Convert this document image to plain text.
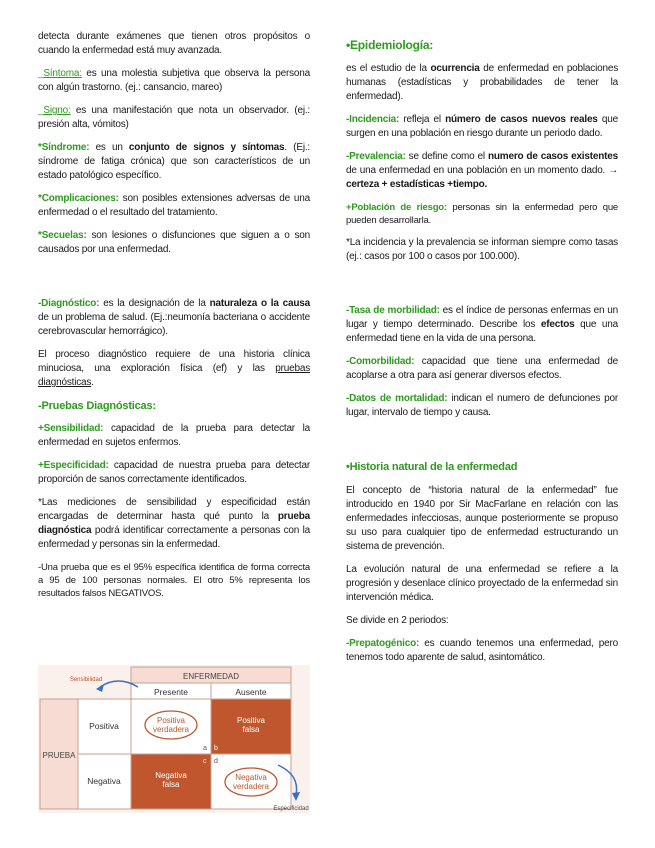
detecta durante exámenes que tienen otros propósitos o cuando la enfermedad está muy avanzada.

_Síntoma: es una molestia subjetiva que observa la persona con algún trastorno. (ej.: cansancio, mareo)

_Signo: es una manifestación que nota un observador. (ej.: presión alta, vómitos)

*Síndrome: es un conjunto de signos y síntomas. (Ej.: síndrome de fatiga crónica) que son característicos de un estado patológico específico.

*Complicaciones: son posibles extensiones adversas de una enfermedad o el resultado del tratamiento.

*Secuelas: son lesiones o disfunciones que siguen a o son causados por una enfermedad.

-Diagnóstico: es la designación de la naturaleza o la causa de un problema de salud. (Ej.:neumonía bacteriana o accidente cerebrovascular hemorrágico).

El proceso diagnóstico requiere de una historia clínica minuciosa, una exploración física (ef) y las pruebas diagnósticas.

-Pruebas Diagnósticas:

+Sensibilidad: capacidad de la prueba para detectar la enfermedad en sujetos enfermos.

+Especificidad: capacidad de nuestra prueba para detectar proporción de sanos correctamente identificados.

*Las mediciones de sensibilidad y especificidad están encargadas de determinar hasta qué punto la prueba diagnóstica podrá identificar correctamente a personas con la enfermedad y personas sin la enfermedad.

-Una prueba que es el 95% específica identifica de forma correcta a 95 de 100 personas normales. El otro 5% representa los resultados falsos NEGATIVOS.

ENFERMEDAD
Presente	Ausente
PRUEBA
Positiva
Negativa
Positiva
verdadera
a
Positiva
falsa
b
Negativa
falsa
c
Negativa
verdadera
d
Sensibilidad
Especificidad

•Epidemiología:

es el estudio de la ocurrencia de enfermedad en poblaciones humanas (estadísticas y probabilidades de tener la enfermedad).

-Incidencia: refleja el número de casos nuevos reales que surgen en una población en riesgo durante un periodo dado.

-Prevalencia: se define como el numero de casos existentes de una enfermedad en una población en un momento dado. → certeza + estadísticas +tiempo.

+Población de riesgo: personas sin la enfermedad pero que pueden desarrollarla.

*La incidencia y la prevalencia se informan siempre como tasas (ej.: casos por 100 o casos por 100.000).

-Tasa de morbilidad: es el índice de personas enfermas en un lugar y tiempo determinado. Describe los efectos que una enfermedad tiene en la vida de una persona.

-Comorbilidad: capacidad que tiene una enfermedad de acoplarse a otra para así generar diversos efectos.

-Datos de mortalidad: indican el numero de defunciones por lugar, intervalo de tiempo y causa.

•Historia natural de la enfermedad

El concepto de “historia natural de la enfermedad” fue introducido en 1940 por Sir MacFarlane en relación con las enfermedades infecciosas, aunque posteriormente se propuso su uso para cualquier tipo de enfermedad estructurando un sistema de prevención.

La evolución natural de una enfermedad se refiere a la progresión y desenlace clínico proyectado de la enfermedad sin intervención médica.

Se divide en 2 periodos:

-Prepatogénico: es cuando tenemos una enfermedad, pero tenemos todo aparente de salud, asintomático.
